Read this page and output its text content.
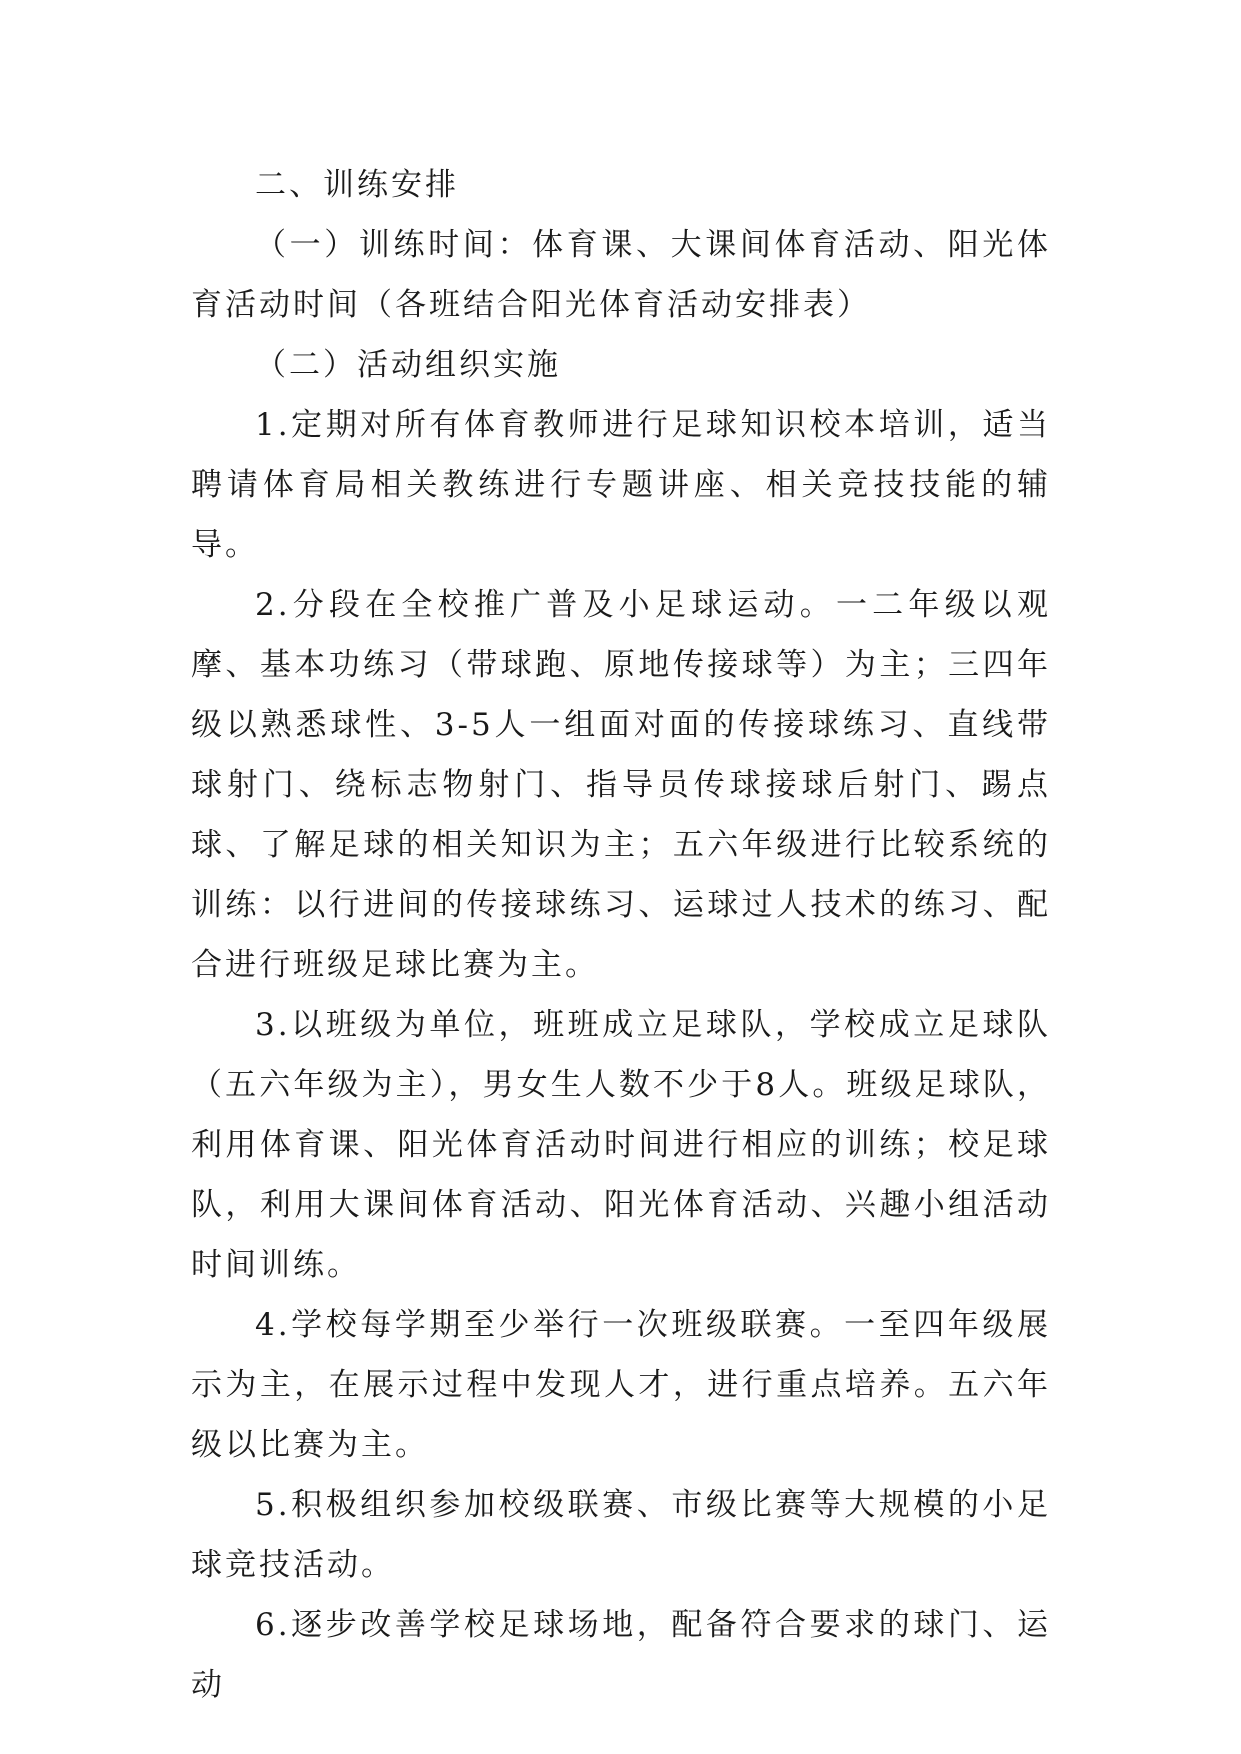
二、训练安排

（一）训练时间：体育课、大课间体育活动、阳光体育活动时间（各班结合阳光体育活动安排表）

（二）活动组织实施

1.定期对所有体育教师进行足球知识校本培训，适当聘请体育局相关教练进行专题讲座、相关竞技技能的辅导。

2.分段在全校推广普及小足球运动。一二年级以观摩、基本功练习（带球跑、原地传接球等）为主；三四年级以熟悉球性、3-5人一组面对面的传接球练习、直线带球射门、绕标志物射门、指导员传球接球后射门、踢点球、了解足球的相关知识为主；五六年级进行比较系统的训练：以行进间的传接球练习、运球过人技术的练习、配合进行班级足球比赛为主。

3.以班级为单位，班班成立足球队，学校成立足球队（五六年级为主），男女生人数不少于8人。班级足球队，利用体育课、阳光体育活动时间进行相应的训练；校足球队，利用大课间体育活动、阳光体育活动、兴趣小组活动时间训练。

4.学校每学期至少举行一次班级联赛。一至四年级展示为主，在展示过程中发现人才，进行重点培养。五六年级以比赛为主。

5.积极组织参加校级联赛、市级比赛等大规模的小足球竞技活动。

6.逐步改善学校足球场地，配备符合要求的球门、运动
